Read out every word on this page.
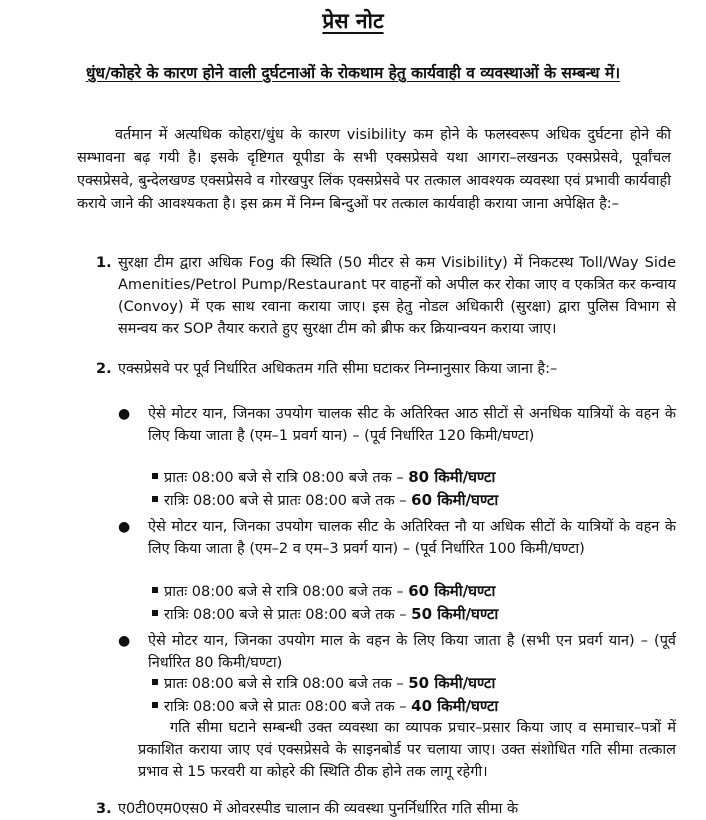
प्रेस नोट

धुंध/कोहरे के कारण होने वाली दुर्घटनाओं के रोकथाम हेतु कार्यवाही व व्यवस्थाओं के सम्बन्ध में।

वर्तमान में अत्यधिक कोहरा/धुंध के कारण visibility कम होने के फलस्वरूप अधिक दुर्घटना होने की सम्भावना बढ़ गयी है। इसके दृष्टिगत यूपीडा के सभी एक्सप्रेसवे यथा आगरा–लखनऊ एक्सप्रेसवे, पूर्वांचल एक्सप्रेसवे, बुन्देलखण्ड एक्सप्रेसवे व गोरखपुर लिंक एक्सप्रेसवे पर तत्काल आवश्यक व्यवस्था एवं प्रभावी कार्यवाही कराये जाने की आवश्यकता है। इस क्रम में निम्न बिन्दुओं पर तत्काल कार्यवाही कराया जाना अपेक्षित है:–

1. सुरक्षा टीम द्वारा अधिक Fog की स्थिति (50 मीटर से कम Visibility) में निकटस्थ Toll/Way Side Amenities/Petrol Pump/Restaurant पर वाहनों को अपील कर रोका जाए व एकत्रित कर कन्वाय (Convoy) में एक साथ रवाना कराया जाए। इस हेतु नोडल अधिकारी (सुरक्षा) द्वारा पुलिस विभाग से समन्वय कर SOP तैयार कराते हुए सुरक्षा टीम को ब्रीफ कर क्रियान्वयन कराया जाए।
2. एक्सप्रेसवे पर पूर्व निर्धारित अधिकतम गति सीमा घटाकर निम्नानुसार किया जाना है:–
● ऐसे मोटर यान, जिनका उपयोग चालक सीट के अतिरिक्त आठ सीटों से अनधिक यात्रियों के वहन के लिए किया जाता है (एम–1 प्रवर्ग यान) – (पूर्व निर्धारित 120 किमी/घण्टा)
प्रातः 08:00 बजे से रात्रि 08:00 बजे तक – 80 किमी/घण्टा
रात्रिः 08:00 बजे से प्रातः 08:00 बजे तक – 60 किमी/घण्टा
● ऐसे मोटर यान, जिनका उपयोग चालक सीट के अतिरिक्त नौ या अधिक सीटों के यात्रियों के वहन के लिए किया जाता है (एम–2 व एम–3 प्रवर्ग यान) – (पूर्व निर्धारित 100 किमी/घण्टा)
प्रातः 08:00 बजे से रात्रि 08:00 बजे तक – 60 किमी/घण्टा
रात्रिः 08:00 बजे से प्रातः 08:00 बजे तक – 50 किमी/घण्टा
● ऐसे मोटर यान, जिनका उपयोग माल के वहन के लिए किया जाता है (सभी एन प्रवर्ग यान) – (पूर्व निर्धारित 80 किमी/घण्टा)
प्रातः 08:00 बजे से रात्रि 08:00 बजे तक – 50 किमी/घण्टा
रात्रिः 08:00 बजे से प्रातः 08:00 बजे तक – 40 किमी/घण्टा

गति सीमा घटाने सम्बन्धी उक्त व्यवस्था का व्यापक प्रचार–प्रसार किया जाए व समाचार–पत्रों में प्रकाशित कराया जाए एवं एक्सप्रेसवे के साइनबोर्ड पर चलाया जाए। उक्त संशोधित गति सीमा तत्काल प्रभाव से 15 फरवरी या कोहरे की स्थिति ठीक होने तक लागू रहेगी।

3. ए0टी0एम0एस0 में ओवरस्पीड चालान की व्यवस्था पुनर्निर्धारित गति सीमा के
